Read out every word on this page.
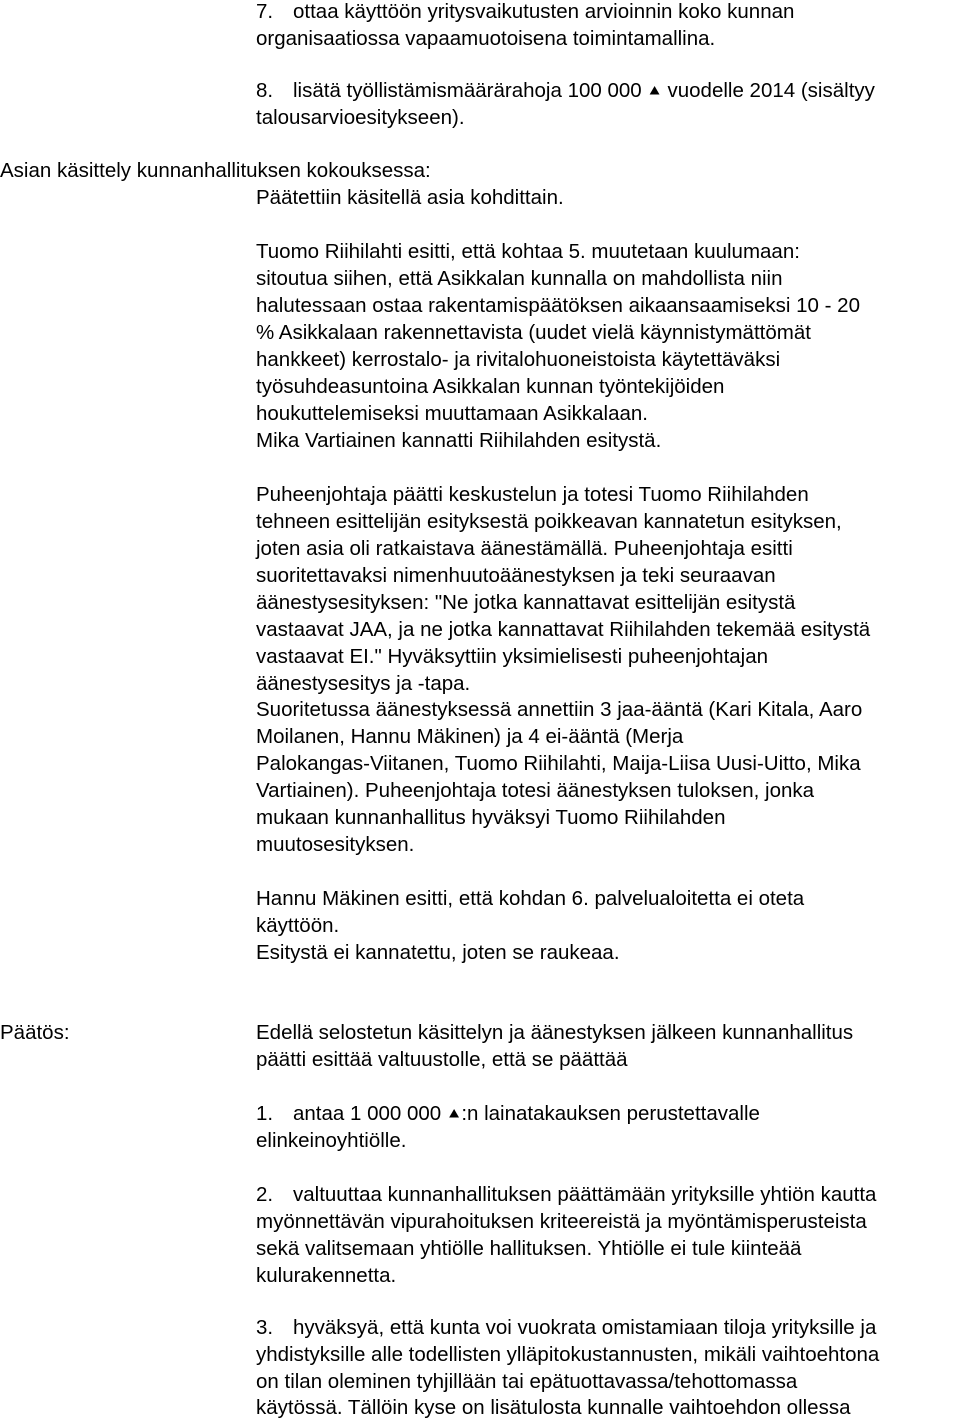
7. ottaa käyttöön yritysvaikutusten arvioinnin koko kunnan
organisaatiossa vapaamuotoisena toimintamallina.
8. lisätä työllistämismäärärahoja 100 000 ⯅ vuodelle 2014 (sisältyy
talousarvioesitykseen).
Asian käsittely kunnanhallituksen kokouksessa:
Päätettiin käsitellä asia kohdittain.
Tuomo Riihilahti esitti, että kohtaa 5. muutetaan kuulumaan:
sitoutua siihen, että Asikkalan kunnalla on mahdollista niin
halutessaan ostaa rakentamispäätöksen aikaansaamiseksi 10 - 20
% Asikkalaan rakennettavista (uudet vielä käynnistymättömät
hankkeet) kerrostalo- ja rivitalohuoneistoista käytettäväksi
työsuhdeasuntoina Asikkalan kunnan työntekijöiden
houkuttelemiseksi muuttamaan Asikkalaan.
Mika Vartiainen kannatti Riihilahden esitystä.
Puheenjohtaja päätti keskustelun ja totesi Tuomo Riihilahden
tehneen esittelijän esityksestä poikkeavan kannatetun esityksen,
joten asia oli ratkaistava äänestämällä. Puheenjohtaja esitti
suoritettavaksi nimenhuutoäänestyksen ja teki seuraavan
äänestysesityksen: "Ne jotka kannattavat esittelijän esitystä
vastaavat JAA, ja ne jotka kannattavat Riihilahden tekemää esitystä
vastaavat EI." Hyväksyttiin yksimielisesti puheenjohtajan
äänestysesitys ja -tapa.
Suoritetussa äänestyksessä annettiin 3 jaa-ääntä (Kari Kitala, Aaro
Moilanen, Hannu Mäkinen) ja 4 ei-ääntä (Merja
Palokangas-Viitanen, Tuomo Riihilahti, Maija-Liisa Uusi-Uitto, Mika
Vartiainen). Puheenjohtaja totesi äänestyksen tuloksen, jonka
mukaan kunnanhallitus hyväksyi Tuomo Riihilahden
muutosesityksen.
Hannu Mäkinen esitti, että kohdan 6. palvelualoitetta ei oteta
käyttöön.
Esitystä ei kannatettu, joten se raukeaa.
Päätös:	Edellä selostetun käsittelyn ja äänestyksen jälkeen kunnanhallitus
päätti esittää valtuustolle, että se päättää
1. antaa 1 000 000 ⯅:n lainatakauksen perustettavalle
elinkeinoyhtiölle.
2. valtuuttaa kunnanhallituksen päättämään yrityksille yhtiön kautta
myönnettävän vipurahoituksen kriteereistä ja myöntämisperusteista
sekä valitsemaan yhtiölle hallituksen. Yhtiölle ei tule kiinteää
kulurakennetta.
3. hyväksyä, että kunta voi vuokrata omistamiaan tiloja yrityksille ja
yhdistyksille alle todellisten ylläpitokustannusten, mikäli vaihtoehtona
on tilan oleminen tyhjillään tai epätuottavassa/tehottomassa
käytössä. Tällöin kyse on lisätulosta kunnalle vaihtoehdon ollessa
